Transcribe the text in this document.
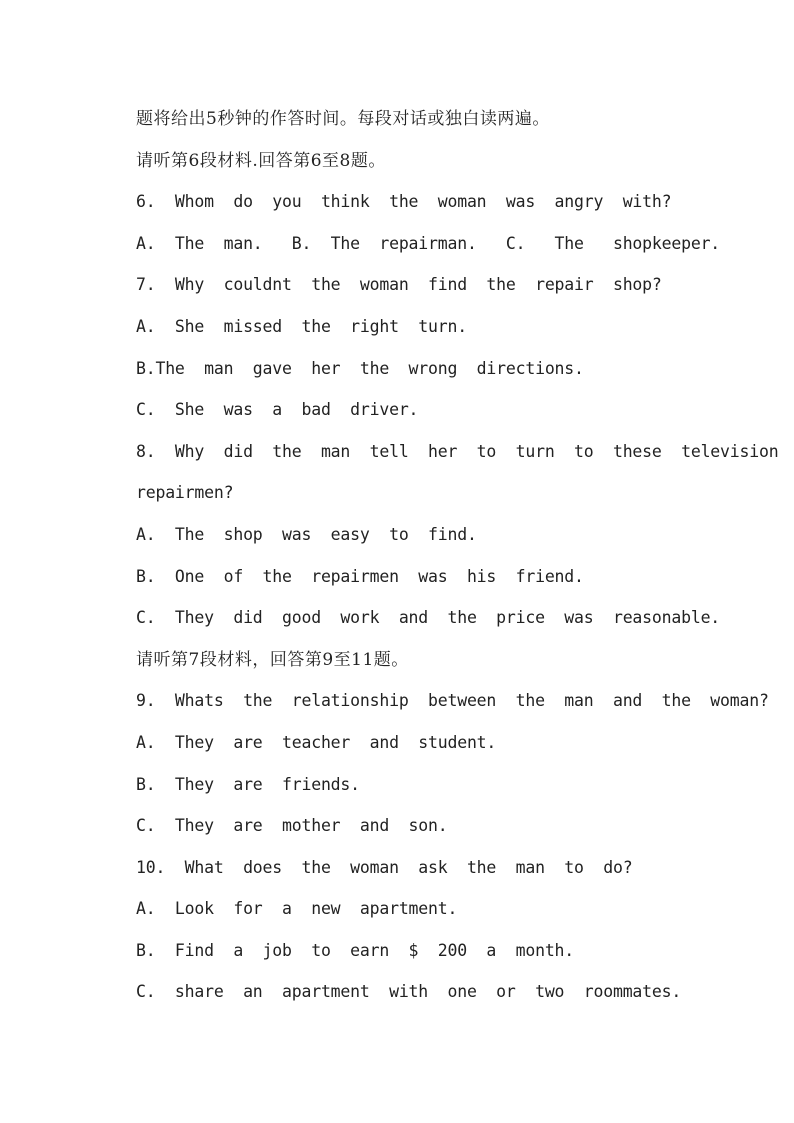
题将给出5秒钟的作答时间。每段对话或独白读两遍。
请听第6段材料.回答第6至8题。
6.  Whom  do  you  think  the  woman  was  angry  with?
A.  The  man.   B.  The  repairman.   C.   The   shopkeeper.
7.  Why  couldnt  the  woman  find  the  repair  shop?
A.  She  missed  the  right  turn.
B.The  man  gave  her  the  wrong  directions.
C.  She  was  a  bad  driver.
8.  Why  did  the  man  tell  her  to  turn  to  these  television
repairmen?
A.  The  shop  was  easy  to  find.
B.  One  of  the  repairmen  was  his  friend.
C.  They  did  good  work  and  the  price  was  reasonable.
请听第7段材料，回答第9至11题。
9.  Whats  the  relationship  between  the  man  and  the  woman?
A.  They  are  teacher  and  student.
B.  They  are  friends.
C.  They  are  mother  and  son.
10.  What  does  the  woman  ask  the  man  to  do?
A.  Look  for  a  new  apartment.
B.  Find  a  job  to  earn  $  200  a  month.
C.  share  an  apartment  with  one  or  two  roommates.
